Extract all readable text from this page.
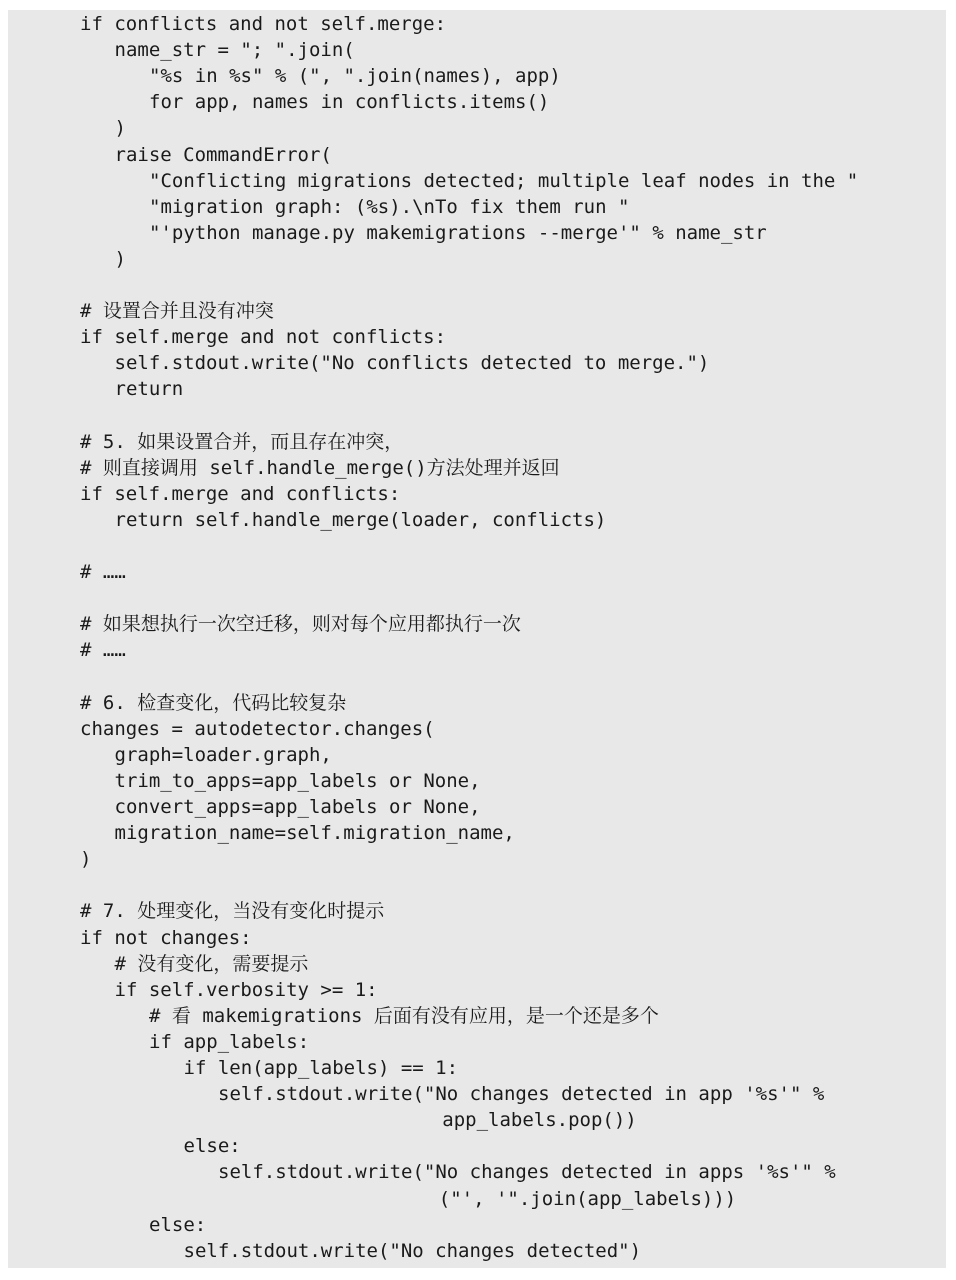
if conflicts and not self.merge:
name_str = "; ".join(
"%s in %s" % (", ".join(names), app)
for app, names in conflicts.items()
)
raise CommandError(
"Conflicting migrations detected; multiple leaf nodes in the "
"migration graph: (%s).\nTo fix them run "
"'python manage.py makemigrations --merge'" % name_str
)
# 设置合并且没有冲突
if self.merge and not conflicts:
self.stdout.write("No conflicts detected to merge.")
return
# 5. 如果设置合并，而且存在冲突，
# 则直接调用 self.handle_merge()方法处理并返回
if self.merge and conflicts:
return self.handle_merge(loader, conflicts)
# ……
# 如果想执行一次空迁移，则对每个应用都执行一次
# ……
# 6. 检查变化，代码比较复杂
changes = autodetector.changes(
graph=loader.graph,
trim_to_apps=app_labels or None,
convert_apps=app_labels or None,
migration_name=self.migration_name,
)
# 7. 处理变化，当没有变化时提示
if not changes:
# 没有变化，需要提示
if self.verbosity >= 1:
# 看 makemigrations 后面有没有应用，是一个还是多个
if app_labels:
if len(app_labels) == 1:
self.stdout.write("No changes detected in app '%s'" %
app_labels.pop())
else:
self.stdout.write("No changes detected in apps '%s'" %
("', '".join(app_labels)))
else:
self.stdout.write("No changes detected")
